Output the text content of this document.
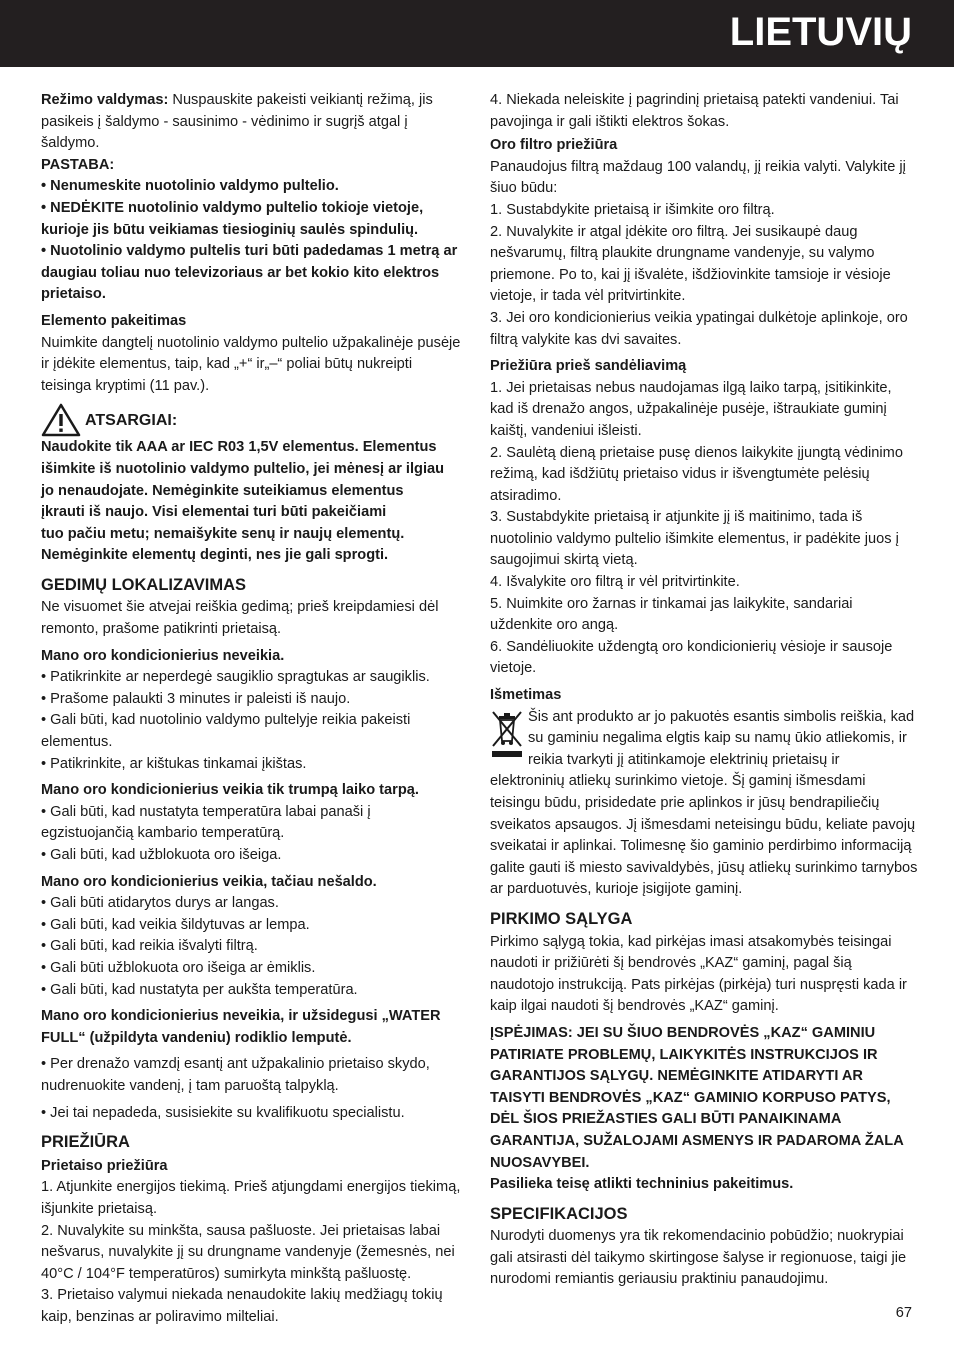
LIETUVIŲ

Režimo valdymas: Nuspauskite pakeisti veikiantį režimą, jis pasikeis į šaldymo - sausinimo - vėdinimo ir sugrįš atgal į šaldymo.

PASTABA:

• Nenumeskite nuotolinio valdymo pultelio.

• NEDĖKITE nuotolinio valdymo pultelio tokioje vietoje, kurioje jis būtu veikiamas tiesioginių saulės spindulių.

• Nuotolinio valdymo pultelis turi būti padedamas 1 metrą ar daugiau toliau nuo televizoriaus ar bet kokio kito elektros prietaiso.

Elemento pakeitimas

Nuimkite dangtelį nuotolinio valdymo pultelio užpakalinėje pusėje ir įdėkite elementus, taip, kad „+“ ir„–“ poliai būtų nukreipti teisinga kryptimi (11 pav.).

ATSARGIAI:

Naudokite tik AAA ar IEC R03 1,5V elementus. Elementus

išimkite iš nuotolinio valdymo pultelio, jei mėnesį ar ilgiau

jo nenaudojate. Nemėginkite suteikiamus elementus

įkrauti iš naujo. Visi elementai turi būti pakeičiami

tuo pačiu metu; nemaišykite senų ir naujų elementų.

Nemėginkite elementų deginti, nes jie gali sprogti.

GEDIMŲ LOKALIZAVIMAS

Ne visuomet šie atvejai reiškia gedimą; prieš kreipdamiesi dėl remonto, prašome patikrinti prietaisą.

Mano oro kondicionierius neveikia.

• Patikrinkite ar neperdegė saugiklio spragtukas ar saugiklis.

• Prašome palaukti 3 minutes ir paleisti iš naujo.

• Gali būti, kad nuotolinio valdymo pultelyje reikia pakeisti elementus.

• Patikrinkite, ar kištukas tinkamai įkištas.

Mano oro kondicionierius veikia tik trumpą laiko tarpą.

• Gali būti, kad nustatyta temperatūra labai panaši į egzistuojančią kambario temperatūrą.

• Gali būti, kad užblokuota oro išeiga.

Mano oro kondicionierius veikia, tačiau nešaldo.

• Gali būti atidarytos durys ar langas.

• Gali būti, kad veikia šildytuvas ar lempa.

• Gali būti, kad reikia išvalyti filtrą.

• Gali būti užblokuota oro išeiga ar ėmiklis.

• Gali būti, kad nustatyta per aukšta temperatūra.

Mano oro kondicionierius neveikia, ir užsidegusi „WATER FULL“ (užpildyta vandeniu) rodiklio lemputė.

• Per drenažo vamzdį esantį ant užpakalinio prietaiso skydo, nudrenuokite vandenį, į tam paruoštą talpyklą.

• Jei tai nepadeda, susisiekite su kvalifikuotu specialistu.

PRIEŽIŪRA

Prietaiso priežiūra

1. Atjunkite energijos tiekimą. Prieš atjungdami energijos tiekimą, išjunkite prietaisą.

2. Nuvalykite su minkšta, sausa pašluoste. Jei prietaisas labai nešvarus, nuvalykite jį su drungname vandenyje (žemesnės, nei 40°C / 104°F temperatūros) sumirkyta minkštą pašluostę.

3. Prietaiso valymui niekada nenaudokite lakių medžiagų tokių kaip, benzinas ar poliravimo milteliai.

4. Niekada neleiskite į pagrindinį prietaisą patekti vandeniui. Tai pavojinga ir gali ištikti elektros šokas.

Oro filtro priežiūra

Panaudojus filtrą maždaug 100 valandų, jį reikia valyti. Valykite jį šiuo būdu:

1. Sustabdykite prietaisą ir išimkite oro filtrą.

2. Nuvalykite ir atgal įdėkite oro filtrą. Jei susikaupė daug nešvarumų, filtrą plaukite drungname vandenyje, su valymo priemone. Po to, kai jį išvalėte, išdžiovinkite tamsioje ir vėsioje vietoje, ir tada vėl pritvirtinkite.

3. Jei oro kondicionierius veikia ypatingai dulkėtoje aplinkoje, oro filtrą valykite kas dvi savaites.

Priežiūra prieš sandėliavimą

1. Jei prietaisas nebus naudojamas ilgą laiko tarpą, įsitikinkite, kad iš drenažo angos, užpakalinėje pusėje, ištraukiate guminį kaištį, vandeniui išleisti.

2. Saulėtą dieną prietaise pusę dienos laikykite įjungtą vėdinimo režimą, kad išdžiūtų prietaiso vidus ir išvengtumėte pelėsių atsiradimo.

3. Sustabdykite prietaisą ir atjunkite jį iš maitinimo, tada iš nuotolinio valdymo pultelio išimkite elementus, ir padėkite juos į saugojimui skirtą vietą.

4. Išvalykite oro filtrą ir vėl pritvirtinkite.

5. Nuimkite oro žarnas ir tinkamai jas laikykite, sandariai uždenkite oro angą.

6. Sandėliuokite uždengtą oro kondicionierių vėsioje ir sausoje vietoje.

Išmetimas

Šis ant produkto ar jo pakuotės esantis simbolis reiškia, kad su gaminiu negalima elgtis kaip su namų ūkio atliekomis, ir reikia tvarkyti jį atitinkamoje elektrinių prietaisų ir elektroninių atliekų surinkimo vietoje. Šį gaminį išmesdami teisingu būdu, prisidedate prie aplinkos ir jūsų bendrapiliečių sveikatos apsaugos. Jį išmesdami neteisingu būdu, keliate pavojų sveikatai ir aplinkai. Tolimesnę šio gaminio perdirbimo informaciją galite gauti iš miesto savivaldybės, jūsų atliekų surinkimo tarnybos ar parduotuvės, kurioje įsigijote gaminį.

PIRKIMO SĄLYGA

Pirkimo sąlygą tokia, kad pirkėjas imasi atsakomybės teisingai naudoti ir prižiūrėti šį bendrovės „KAZ“ gaminį, pagal šią naudotojo instrukciją. Pats pirkėjas (pirkėja) turi nuspręsti kada ir kaip ilgai naudoti šį bendrovės „KAZ“ gaminį.

ĮSPĖJIMAS: JEI SU ŠIUO BENDROVĖS „KAZ“ GAMINIU PATIRIATE PROBLEMŲ, LAIKYKITĖS INSTRUKCIJOS IR GARANTIJOS SĄLYGŲ. NEMĖGINKITE ATIDARYTI AR TAISYTI BENDROVĖS „KAZ“ GAMINIO KORPUSO PATYS, DĖL ŠIOS PRIEŽASTIES GALI BŪTI PANAIKINAMA GARANTIJA, SUŽALOJAMI ASMENYS IR PADAROMA ŽALA NUOSAVYBEI.

Pasilieka teisę atlikti techninius pakeitimus.

SPECIFIKACIJOS

Nurodyti duomenys yra tik rekomendacinio pobūdžio; nuokrypiai gali atsirasti dėl taikymo skirtingose šalyse ir regionuose, taigi jie nurodomi remiantis geriausiu praktiniu panaudojimu.

67
